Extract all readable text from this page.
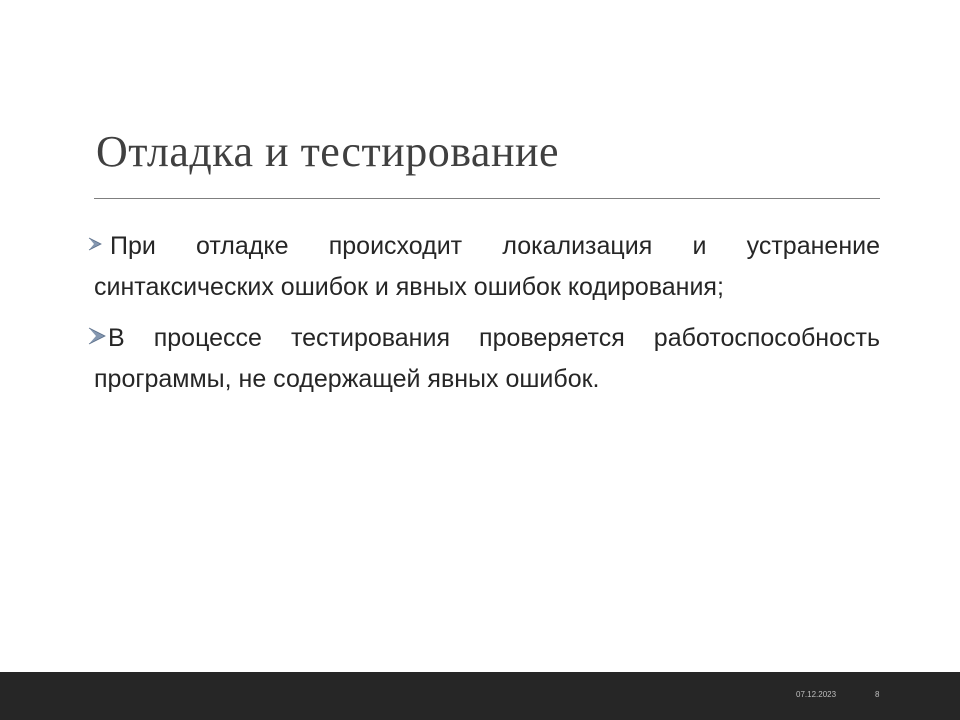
Отладка и тестирование

При отладке происходит локализация и устранение синтаксических ошибок и явных ошибок кодирования;

В процессе тестирования проверяется работоспособность программы, не содержащей явных ошибок.

07.12.2023	8
